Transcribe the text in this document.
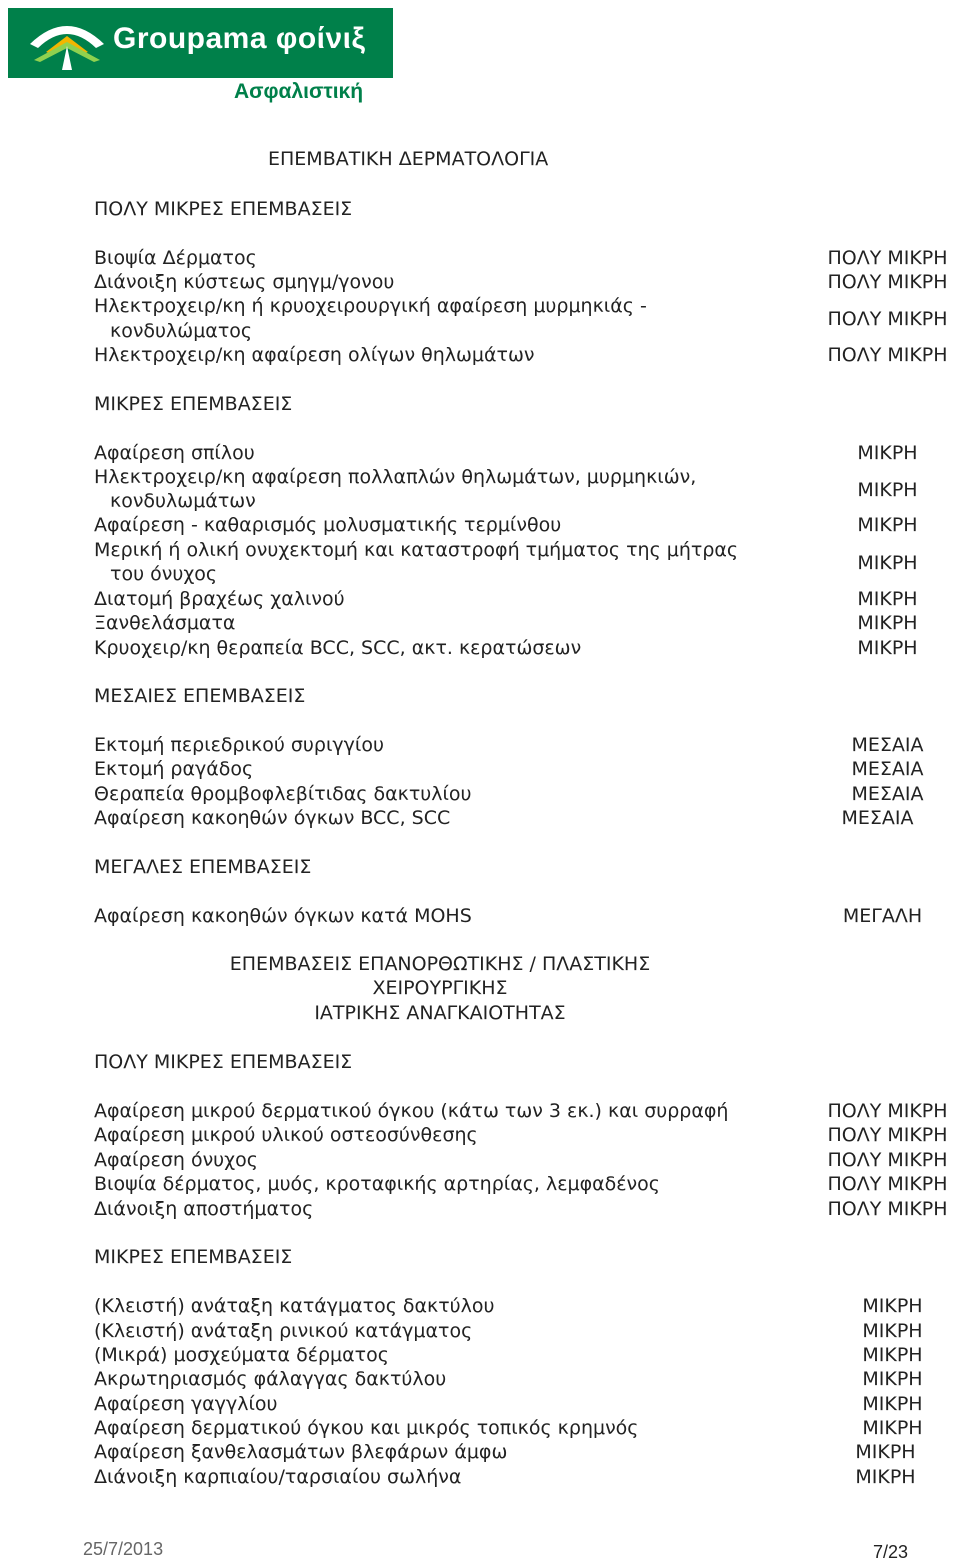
Groupama φοίνιξ
Ασφαλιστική
ΕΠΕΜΒΑΤΙΚΗ ΔΕΡΜΑΤΟΛΟΓΙΑ
ΠΟΛΥ ΜΙΚΡΕΣ ΕΠΕΜΒΑΣΕΙΣ
Βιοψία Δέρματος
Διάνοιξη κύστεως σμηγμ/γονου
Ηλεκτροχειρ/κη ή κρυοχειρουργική αφαίρεση μυρμηκιάς -
κονδυλώματος
Ηλεκτροχειρ/κη αφαίρεση ολίγων θηλωμάτων
ΠΟΛΥ ΜΙΚΡΗ
ΠΟΛΥ ΜΙΚΡΗ
ΠΟΛΥ ΜΙΚΡΗ
ΠΟΛΥ ΜΙΚΡΗ
ΜΙΚΡΕΣ ΕΠΕΜΒΑΣΕΙΣ
Αφαίρεση σπίλου
Ηλεκτροχειρ/κη αφαίρεση πολλαπλών θηλωμάτων, μυρμηκιών,
κονδυλωμάτων
Αφαίρεση - καθαρισμός μολυσματικής τερμίνθου
Μερική ή ολική ονυχεκτομή και καταστροφή τμήματος της μήτρας
του όνυχος
Διατομή βραχέως χαλινού
Ξανθελάσματα
Κρυοχειρ/κη θεραπεία BCC, SCC, ακτ. κερατώσεων
ΜΙΚΡΗ
ΜΙΚΡΗ
ΜΙΚΡΗ
ΜΙΚΡΗ
ΜΙΚΡΗ
ΜΙΚΡΗ
ΜΙΚΡΗ
ΜΕΣΑΙΕΣ ΕΠΕΜΒΑΣΕΙΣ
Εκτομή περιεδρικού συριγγίου
Εκτομή ραγάδος
Θεραπεία θρομβοφλεβίτιδας δακτυλίου
Αφαίρεση κακοηθών όγκων BCC, SCC
ΜΕΣΑΙΑ
ΜΕΣΑΙΑ
ΜΕΣΑΙΑ
ΜΕΣΑΙΑ
ΜΕΓΑΛΕΣ ΕΠΕΜΒΑΣΕΙΣ
Αφαίρεση κακοηθών όγκων κατά MOHS	ΜΕΓΑΛΗ
ΕΠΕΜΒΑΣΕΙΣ ΕΠΑΝΟΡΘΩΤΙΚΗΣ / ΠΛΑΣΤΙΚΗΣ
ΧΕΙΡΟΥΡΓΙΚΗΣ
ΙΑΤΡΙΚΗΣ ΑΝΑΓΚΑΙΟΤΗΤΑΣ
ΠΟΛΥ ΜΙΚΡΕΣ ΕΠΕΜΒΑΣΕΙΣ
Αφαίρεση μικρού δερματικού όγκου (κάτω των 3 εκ.) και συρραφή
Αφαίρεση μικρού υλικού οστεοσύνθεσης
Αφαίρεση όνυχος
Βιοψία δέρματος, μυός, κροταφικής αρτηρίας, λεμφαδένος
Διάνοιξη αποστήματος
ΠΟΛΥ ΜΙΚΡΗ
ΠΟΛΥ ΜΙΚΡΗ
ΠΟΛΥ ΜΙΚΡΗ
ΠΟΛΥ ΜΙΚΡΗ
ΠΟΛΥ ΜΙΚΡΗ
ΜΙΚΡΕΣ ΕΠΕΜΒΑΣΕΙΣ
(Κλειστή) ανάταξη κατάγματος δακτύλου
(Κλειστή) ανάταξη ρινικού κατάγματος
(Μικρά) μοσχεύματα δέρματος
Ακρωτηριασμός φάλαγγας δακτύλου
Αφαίρεση γαγγλίου
Αφαίρεση δερματικού όγκου και μικρός τοπικός κρημνός
Αφαίρεση ξανθελασμάτων βλεφάρων άμφω
Διάνοιξη καρπιαίου/ταρσιαίου σωλήνα
ΜΙΚΡΗ
ΜΙΚΡΗ
ΜΙΚΡΗ
ΜΙΚΡΗ
ΜΙΚΡΗ
ΜΙΚΡΗ
ΜΙΚΡΗ
ΜΙΚΡΗ
25/7/2013	7/23
